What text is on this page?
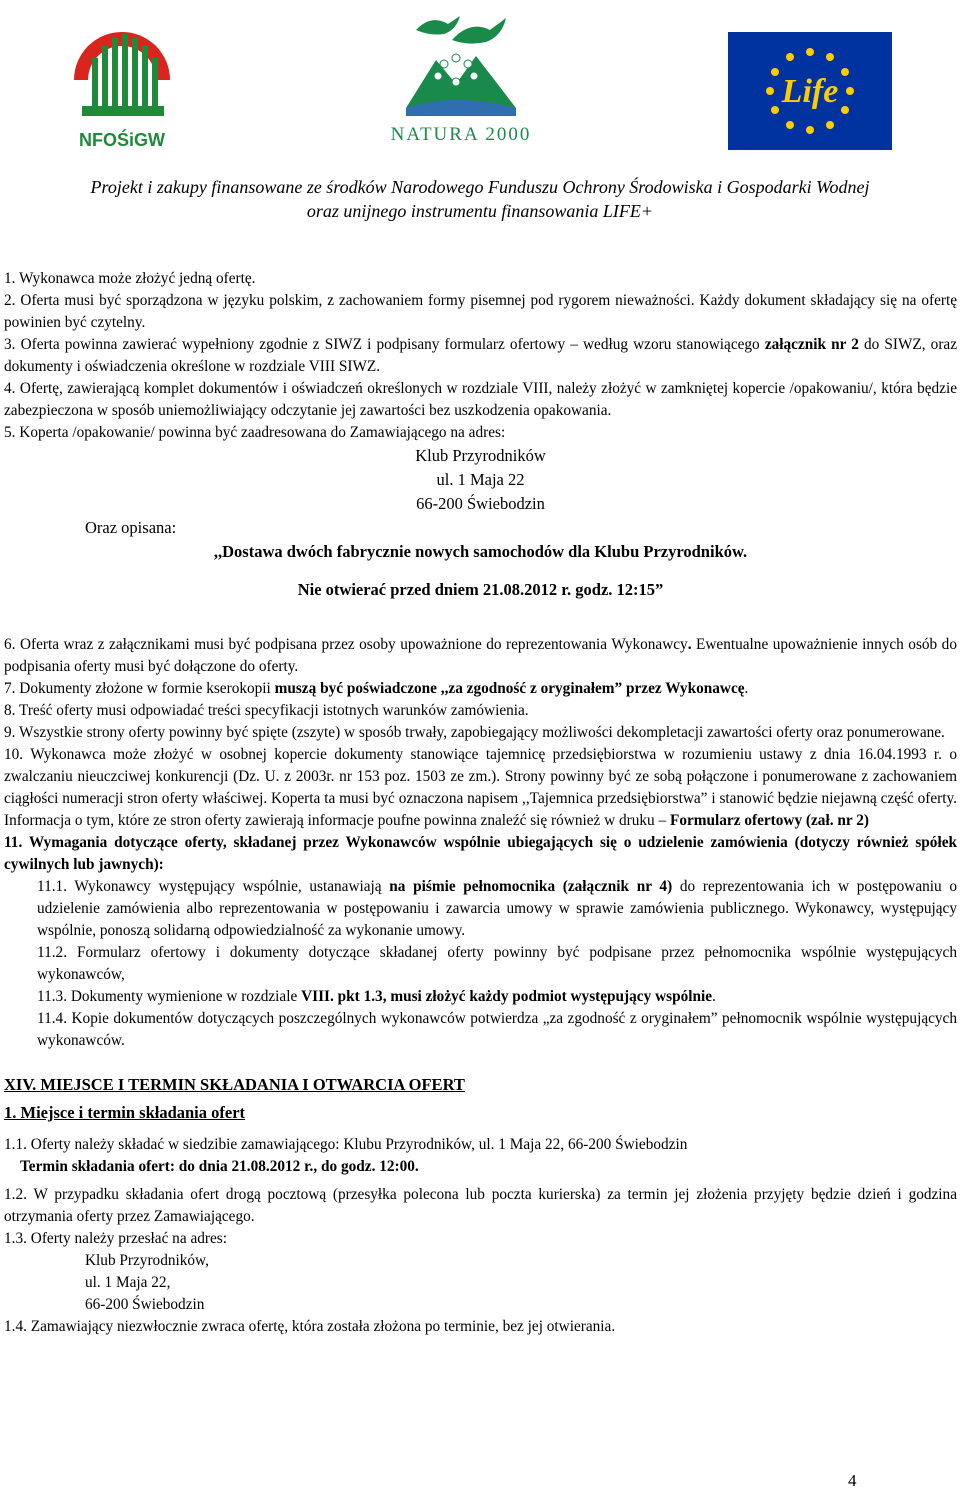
NFOŚiGW	NATURA 2000
Life
Projekt i zakupy finansowane ze środków Narodowego Funduszu Ochrony Środowiska i Gospodarki Wodnej
oraz unijnego instrumentu finansowania LIFE+

1. Wykonawca może złożyć jedną ofertę.

2. Oferta musi być sporządzona w języku polskim, z zachowaniem formy pisemnej pod rygorem nieważności. Każdy dokument składający się na ofertę powinien być czytelny.

3. Oferta powinna zawierać wypełniony zgodnie z SIWZ i podpisany formularz ofertowy – według wzoru stanowiącego załącznik nr 2 do SIWZ, oraz dokumenty i oświadczenia określone w rozdziale VIII SIWZ.

4. Ofertę, zawierającą komplet dokumentów i oświadczeń określonych w rozdziale VIII, należy złożyć w zamkniętej kopercie /opakowaniu/, która będzie zabezpieczona w sposób uniemożliwiający odczytanie jej zawartości bez uszkodzenia opakowania.

5. Koperta /opakowanie/ powinna być zaadresowana do Zamawiającego na adres:

Klub Przyrodników
ul. 1 Maja 22
66-200 Świebodzin

Oraz opisana:

,,Dostawa dwóch fabrycznie nowych samochodów dla Klubu Przyrodników.

Nie otwierać przed dniem 21.08.2012 r. godz. 12:15”

6. Oferta wraz z załącznikami musi być podpisana przez osoby upoważnione do reprezentowania Wykonawcy. Ewentualne upoważnienie innych osób do podpisania oferty musi być dołączone do oferty.

7. Dokumenty złożone w formie kserokopii muszą być poświadczone ,,za zgodność z oryginałem” przez Wykonawcę.

8. Treść oferty musi odpowiadać treści specyfikacji istotnych warunków zamówienia.

9. Wszystkie strony oferty powinny być spięte (zszyte) w sposób trwały, zapobiegający możliwości dekompletacji zawartości oferty oraz ponumerowane.

10. Wykonawca może złożyć w osobnej kopercie dokumenty stanowiące tajemnicę przedsiębiorstwa w rozumieniu ustawy z dnia 16.04.1993 r. o zwalczaniu nieuczciwej konkurencji (Dz. U. z 2003r. nr 153 poz. 1503 ze zm.). Strony powinny być ze sobą połączone i ponumerowane z zachowaniem ciągłości numeracji stron oferty właściwej. Koperta ta musi być oznaczona napisem ,,Tajemnica przedsiębiorstwa” i stanowić będzie niejawną część oferty. Informacja o tym, które ze stron oferty zawierają informacje poufne powinna znaleźć się również w druku – Formularz ofertowy (zał. nr 2)

11. Wymagania dotyczące oferty, składanej przez Wykonawców wspólnie ubiegających się o udzielenie zamówienia (dotyczy również spółek cywilnych lub jawnych):

11.1. Wykonawcy występujący wspólnie, ustanawiają na piśmie pełnomocnika (załącznik nr 4) do reprezentowania ich w postępowaniu o udzielenie zamówienia albo reprezentowania w postępowaniu i zawarcia umowy w sprawie zamówienia publicznego. Wykonawcy, występujący wspólnie, ponoszą solidarną odpowiedzialność za wykonanie umowy.

11.2. Formularz ofertowy i dokumenty dotyczące składanej oferty powinny być podpisane przez pełnomocnika wspólnie występujących wykonawców,

11.3. Dokumenty wymienione w rozdziale VIII. pkt 1.3, musi złożyć każdy podmiot występujący wspólnie.

11.4. Kopie dokumentów dotyczących poszczególnych wykonawców potwierdza „za zgodność z oryginałem” pełnomocnik wspólnie występujących wykonawców.

XIV. MIEJSCE I TERMIN SKŁADANIA I OTWARCIA OFERT

1. Miejsce i termin składania ofert

1.1. Oferty należy składać w siedzibie zamawiającego: Klubu Przyrodników, ul. 1 Maja 22, 66-200 Świebodzin

Termin składania ofert: do dnia 21.08.2012 r., do godz. 12:00.

1.2. W przypadku składania ofert drogą pocztową (przesyłka polecona lub poczta kurierska) za termin jej złożenia przyjęty będzie dzień i godzina otrzymania oferty przez Zamawiającego.

1.3. Oferty należy przesłać na adres:

Klub Przyrodników,
ul. 1 Maja 22,
66-200 Świebodzin

1.4. Zamawiający niezwłocznie zwraca ofertę, która została złożona po terminie, bez jej otwierania.

4
